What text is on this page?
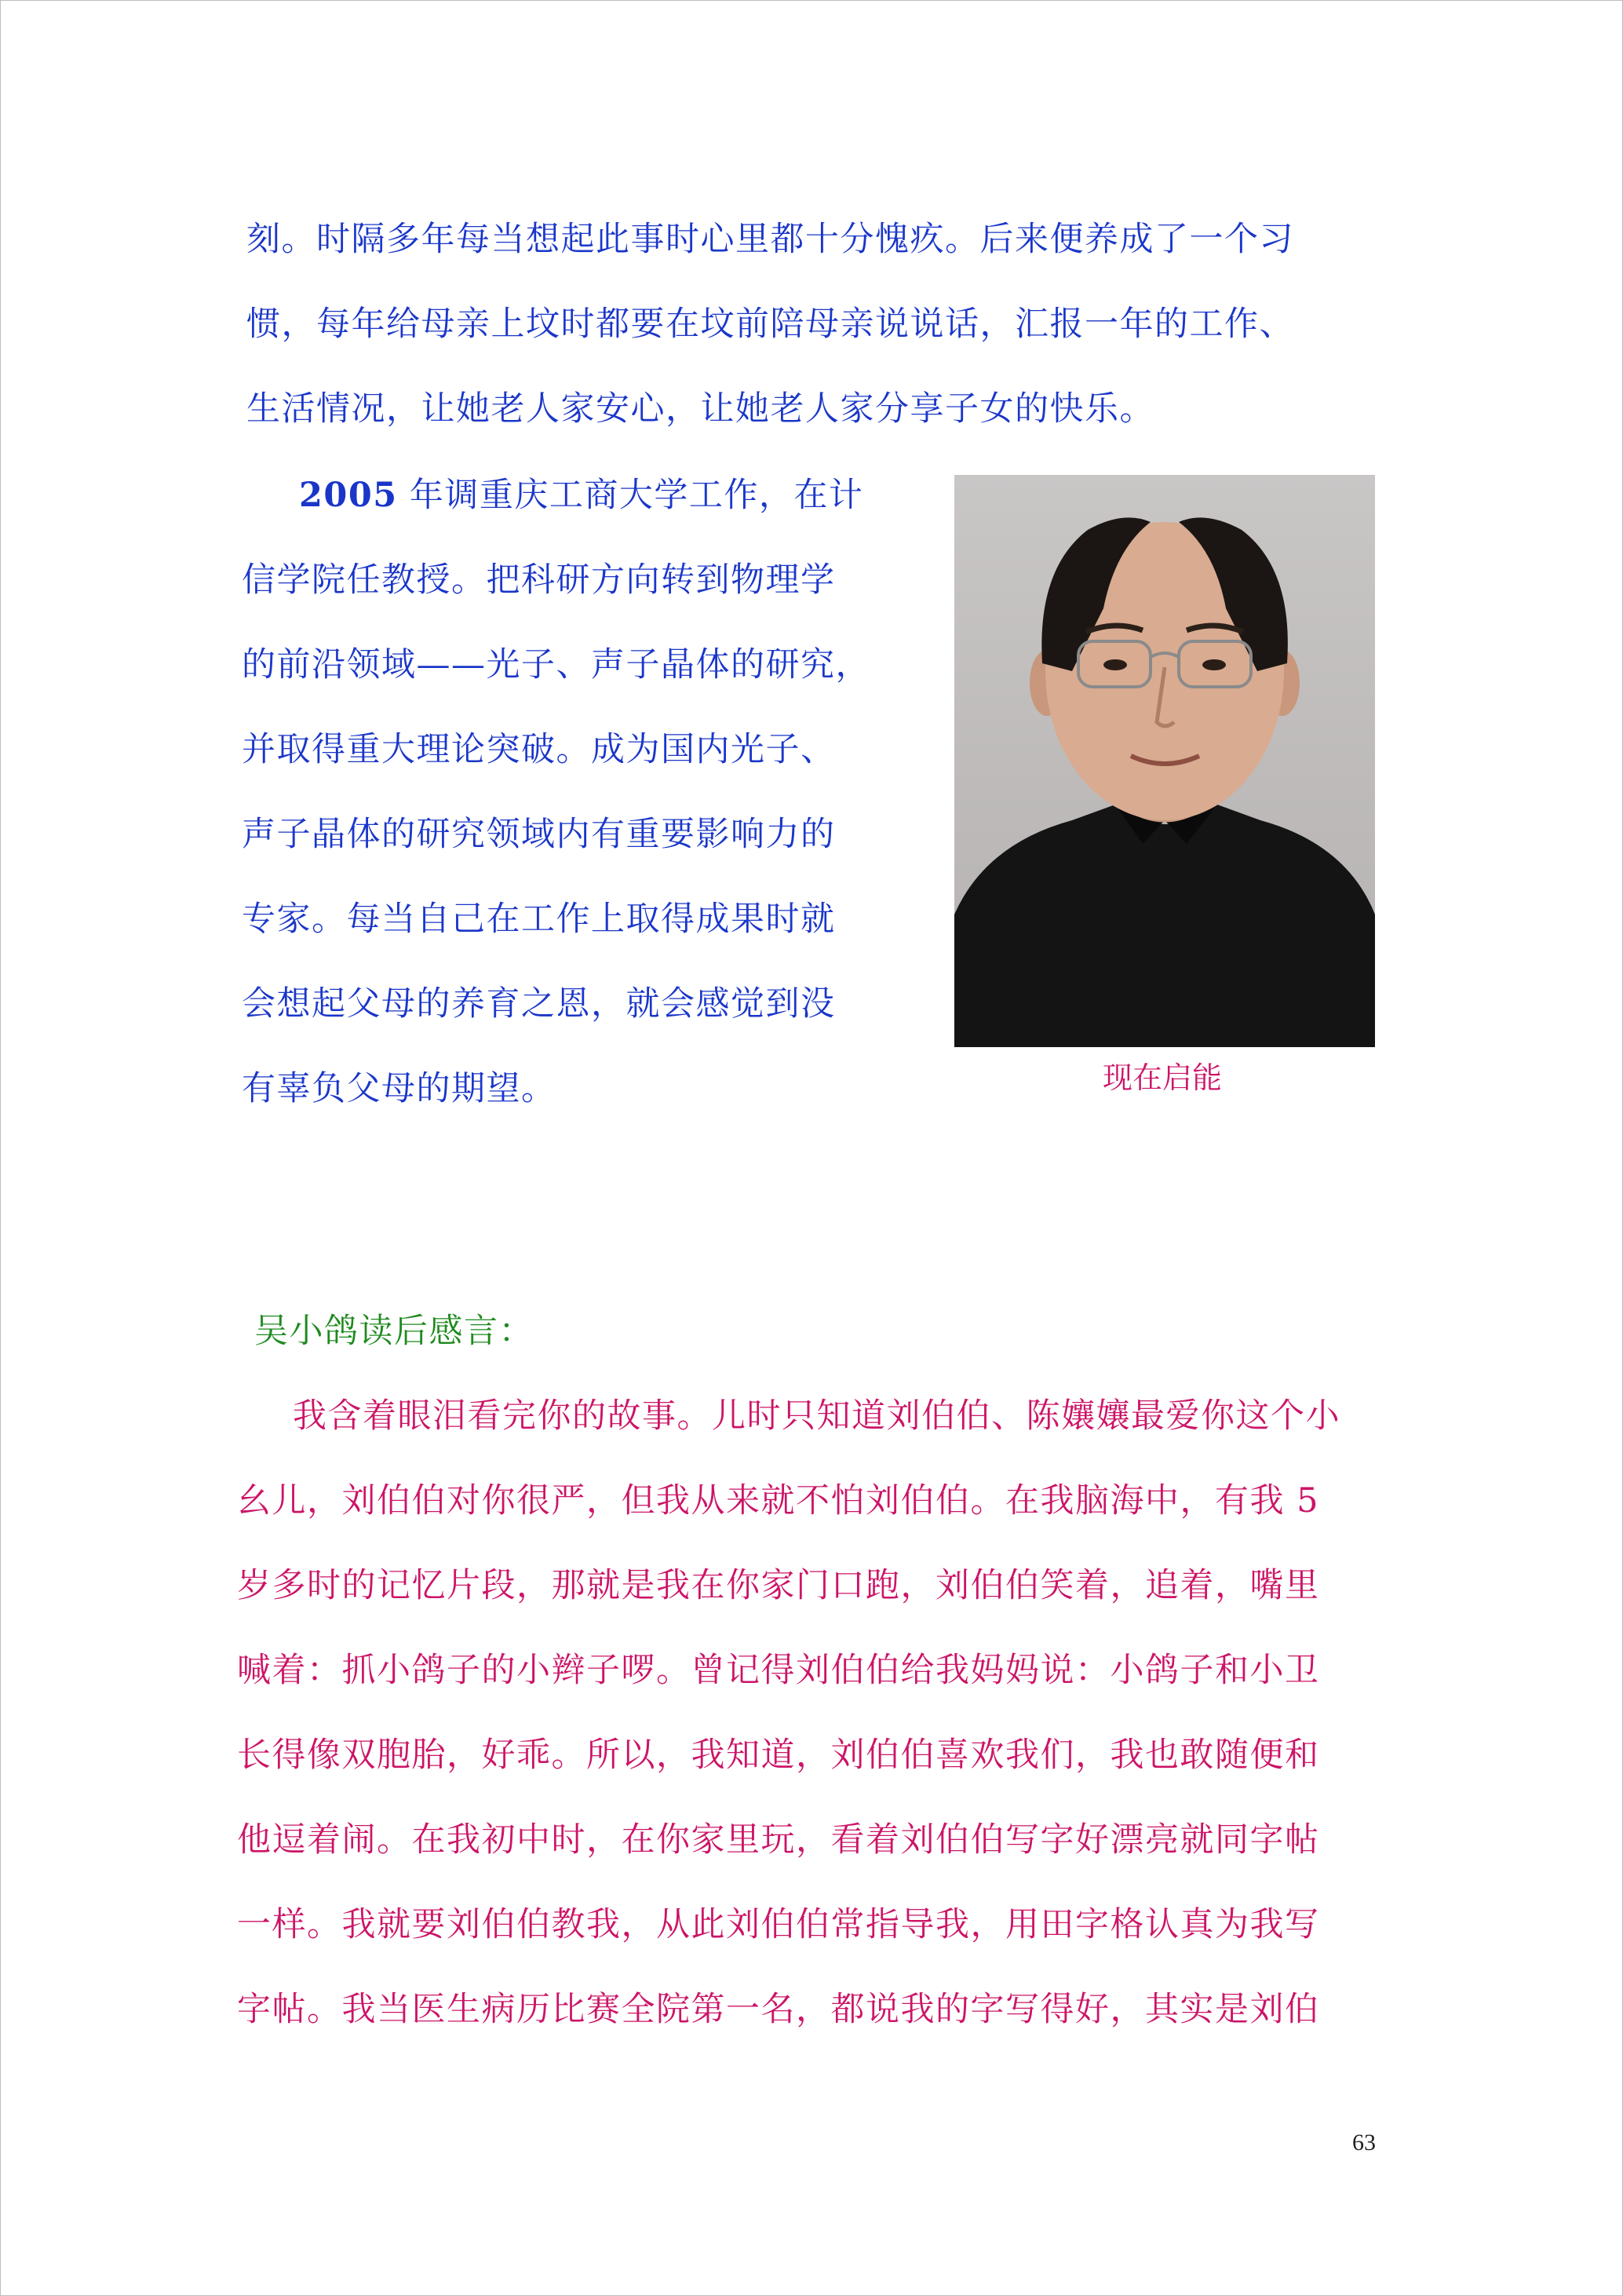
刻。时隔多年每当想起此事时心里都十分愧疚。后来便养成了一个习
惯，每年给母亲上坟时都要在坟前陪母亲说说话，汇报一年的工作、
生活情况，让她老人家安心，让她老人家分享子女的快乐。
2005 年调重庆工商大学工作，在计
信学院任教授。把科研方向转到物理学
的前沿领域——光子、声子晶体的研究，
并取得重大理论突破。成为国内光子、
声子晶体的研究领域内有重要影响力的
专家。每当自己在工作上取得成果时就
会想起父母的养育之恩，就会感觉到没
有辜负父母的期望。	现在启能
吴小鸽读后感言：
我含着眼泪看完你的故事。儿时只知道刘伯伯、陈孃孃最爱你这个小
幺儿，刘伯伯对你很严，但我从来就不怕刘伯伯。在我脑海中，有我 5
岁多时的记忆片段，那就是我在你家门口跑，刘伯伯笑着，追着，嘴里
喊着：抓小鸽子的小辫子啰。曾记得刘伯伯给我妈妈说：小鸽子和小卫
长得像双胞胎，好乖。所以，我知道，刘伯伯喜欢我们，我也敢随便和
他逗着闹。在我初中时，在你家里玩，看着刘伯伯写字好漂亮就同字帖
一样。我就要刘伯伯教我，从此刘伯伯常指导我，用田字格认真为我写
字帖。我当医生病历比赛全院第一名，都说我的字写得好，其实是刘伯
63
